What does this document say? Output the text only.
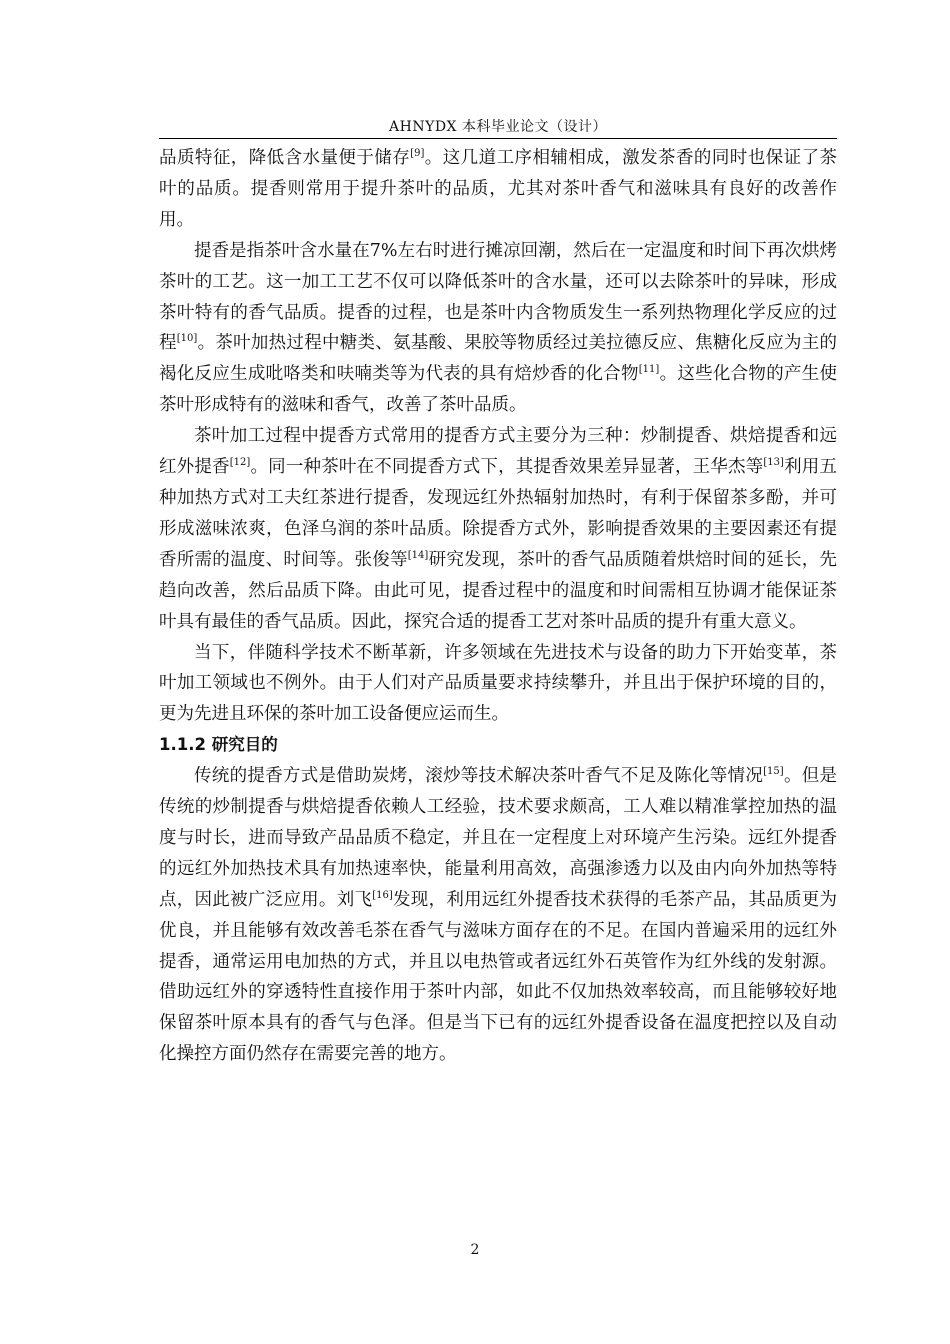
AHNYDX 本科毕业论文（设计）

品质特征，降低含水量便于储存[9]。这几道工序相辅相成，激发茶香的同时也保证了茶叶的品质。提香则常用于提升茶叶的品质，尤其对茶叶香气和滋味具有良好的改善作用。

提香是指茶叶含水量在7%左右时进行摊凉回潮，然后在一定温度和时间下再次烘烤茶叶的工艺。这一加工工艺不仅可以降低茶叶的含水量，还可以去除茶叶的异味，形成茶叶特有的香气品质。提香的过程，也是茶叶内含物质发生一系列热物理化学反应的过程[10]。茶叶加热过程中糖类、氨基酸、果胶等物质经过美拉德反应、焦糖化反应为主的褐化反应生成吡咯类和呋喃类等为代表的具有焙炒香的化合物[11]。这些化合物的产生使茶叶形成特有的滋味和香气，改善了茶叶品质。

茶叶加工过程中提香方式常用的提香方式主要分为三种：炒制提香、烘焙提香和远红外提香[12]。同一种茶叶在不同提香方式下，其提香效果差异显著，王华杰等[13]利用五种加热方式对工夫红茶进行提香，发现远红外热辐射加热时，有利于保留茶多酚，并可形成滋味浓爽，色泽乌润的茶叶品质。除提香方式外，影响提香效果的主要因素还有提香所需的温度、时间等。张俊等[14]研究发现，茶叶的香气品质随着烘焙时间的延长，先趋向改善，然后品质下降。由此可见，提香过程中的温度和时间需相互协调才能保证茶叶具有最佳的香气品质。因此，探究合适的提香工艺对茶叶品质的提升有重大意义。

当下，伴随科学技术不断革新，许多领域在先进技术与设备的助力下开始变革，茶叶加工领域也不例外。由于人们对产品质量要求持续攀升，并且出于保护环境的目的，更为先进且环保的茶叶加工设备便应运而生。

1.1.2 研究目的

传统的提香方式是借助炭烤，滚炒等技术解决茶叶香气不足及陈化等情况[15]。但是传统的炒制提香与烘焙提香依赖人工经验，技术要求颇高，工人难以精准掌控加热的温度与时长，进而导致产品品质不稳定，并且在一定程度上对环境产生污染。远红外提香的远红外加热技术具有加热速率快，能量利用高效，高强渗透力以及由内向外加热等特点，因此被广泛应用。刘飞[16]发现，利用远红外提香技术获得的毛茶产品，其品质更为优良，并且能够有效改善毛茶在香气与滋味方面存在的不足。在国内普遍采用的远红外提香，通常运用电加热的方式，并且以电热管或者远红外石英管作为红外线的发射源。借助远红外的穿透特性直接作用于茶叶内部，如此不仅加热效率较高，而且能够较好地保留茶叶原本具有的香气与色泽。但是当下已有的远红外提香设备在温度把控以及自动化操控方面仍然存在需要完善的地方。

2
